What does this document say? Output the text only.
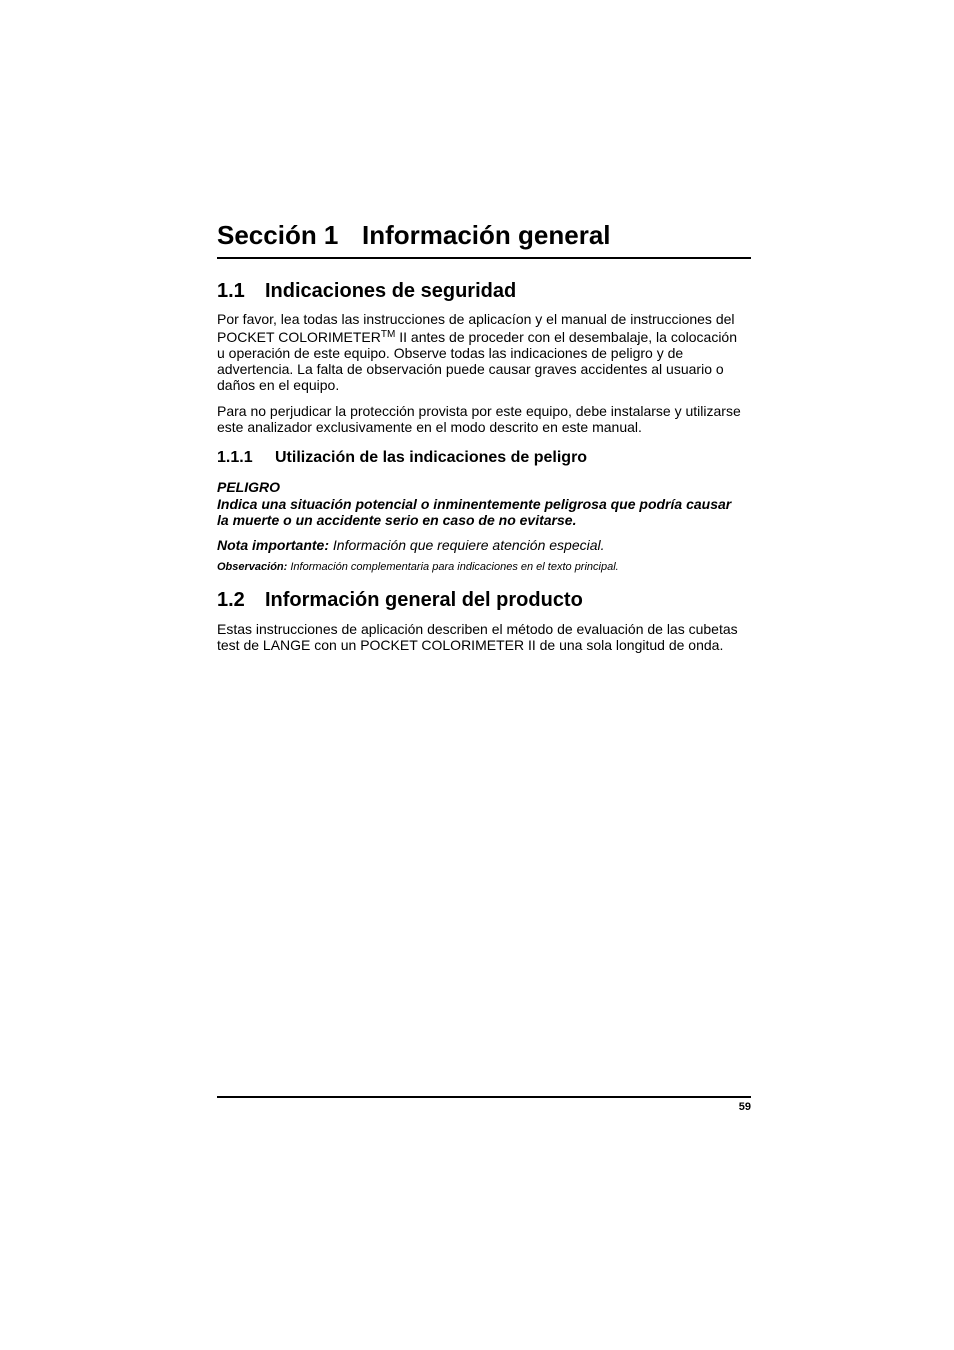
Sección 1 Información general
1.1 Indicaciones de seguridad

Por favor, lea todas las instrucciones de aplicacíon y el manual de instrucciones del
POCKET COLORIMETER™ II antes de proceder con el desembalaje, la colocación
u operación de este equipo. Observe todas las indicaciones de peligro y de
advertencia. La falta de observación puede causar graves accidentes al usuario o
daños en el equipo.

Para no perjudicar la protección provista por este equipo, debe instalarse y utilizarse
este analizador exclusivamente en el modo descrito en este manual.

1.1.1 Utilización de las indicaciones de peligro

PELIGRO

Indica una situación potencial o inminentemente peligrosa que podría causar
la muerte o un accidente serio en caso de no evitarse.

Nota importante: Información que requiere atención especial.

Observación: Información complementaria para indicaciones en el texto principal.

1.2 Información general del producto

Estas instrucciones de aplicación describen el método de evaluación de las cubetas
test de LANGE con un POCKET COLORIMETER II de una sola longitud de onda.

59
